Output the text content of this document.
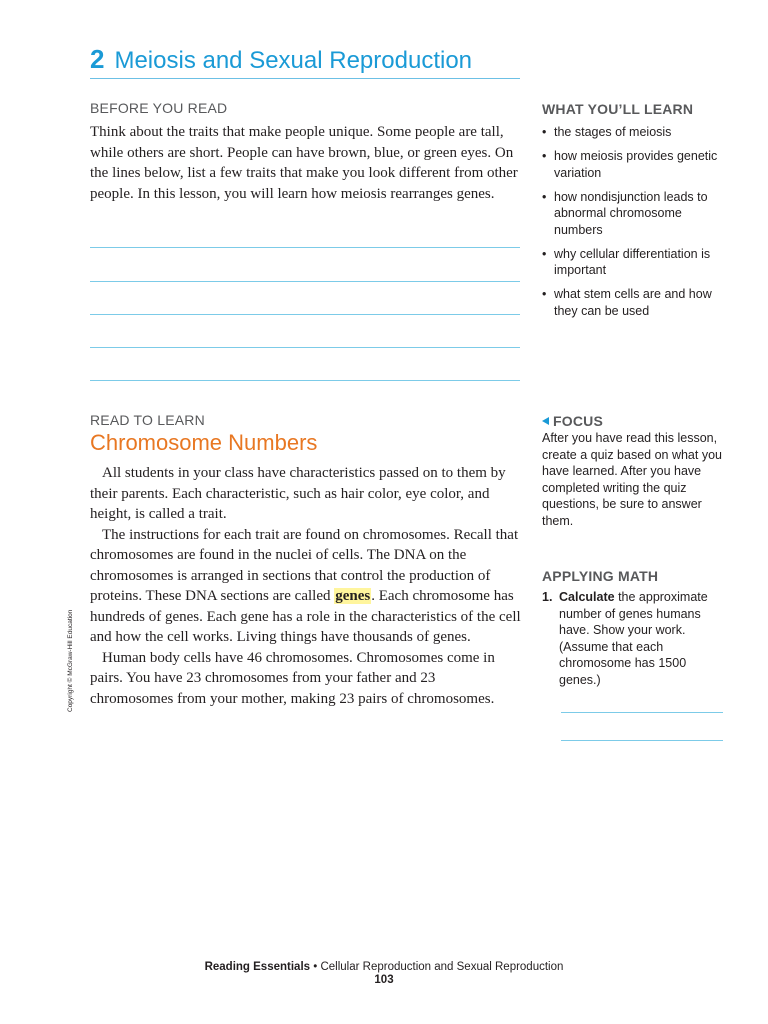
2 Meiosis and Sexual Reproduction
BEFORE YOU READ
Think about the traits that make people unique. Some people are tall, while others are short. People can have brown, blue, or green eyes. On the lines below, list a few traits that make you look different from other people. In this lesson, you will learn how meiosis rearranges genes.
WHAT YOU’LL LEARN
• the stages of meiosis
• how meiosis provides genetic variation
• how nondisjunction leads to abnormal chromosome numbers
• why cellular differentiation is important
• what stem cells are and how they can be used
READ TO LEARN
Chromosome Numbers

All students in your class have characteristics passed on to them by their parents. Each characteristic, such as hair color, eye color, and height, is called a trait.

The instructions for each trait are found on chromosomes. Recall that chromosomes are found in the nuclei of cells. The DNA on the chromosomes is arranged in sections that control the production of proteins. These DNA sections are called genes. Each chromosome has hundreds of genes. Each gene has a role in the characteristics of the cell and how the cell works. Living things have thousands of genes.

Human body cells have 46 chromosomes. Chromosomes come in pairs. You have 23 chromosomes from your father and 23 chromosomes from your mother, making 23 pairs of chromosomes.

FOCUS
After you have read this lesson, create a quiz based on what you have learned. After you have completed writing the quiz questions, be sure to answer them.
APPLYING MATH
1. Calculate the approximate number of genes humans have. Show your work. (Assume that each chromosome has 1500 genes.)
Copyright © McGraw-Hill Education
Reading Essentials • Cellular Reproduction and Sexual Reproduction
103
